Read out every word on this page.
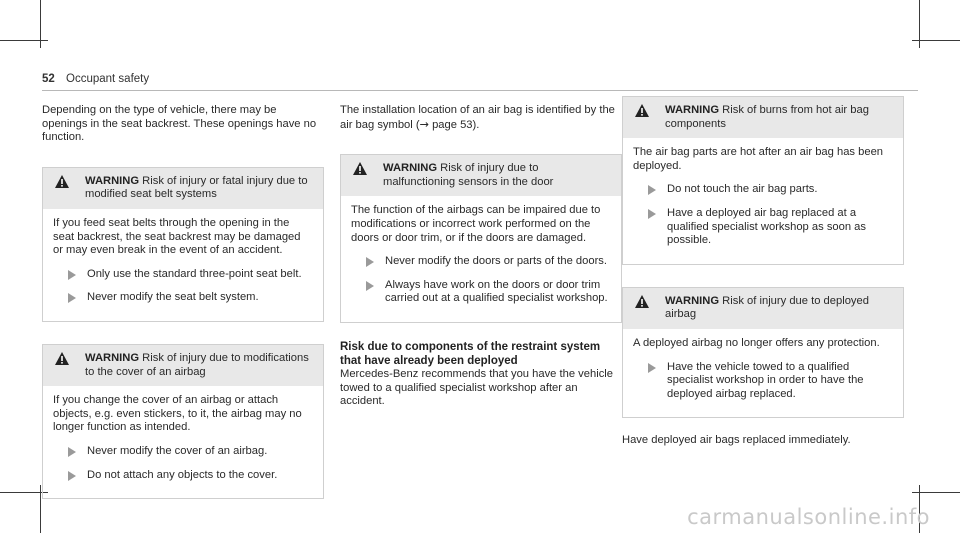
52 Occupant safety

Depending on the type of vehicle, there may be openings in the seat backrest. These openings have no function.

WARNING Risk of injury or fatal injury due to modified seat belt systems

If you feed seat belts through the opening in the seat backrest, the seat backrest may be damaged or may even break in the event of an accident.

Only use the standard three-point seat belt.
Never modify the seat belt system.
WARNING Risk of injury due to modifications to the cover of an airbag

If you change the cover of an airbag or attach objects, e.g. even stickers, to it, the airbag may no longer function as intended.

Never modify the cover of an airbag.
Do not attach any objects to the cover.

The installation location of an air bag is identified by the air bag symbol (→ page 53).

WARNING Risk of injury due to malfunctioning sensors in the door

The function of the airbags can be impaired due to modifications or incorrect work performed on the doors or door trim, or if the doors are damaged.

Never modify the doors or parts of the doors.
Always have work on the doors or door trim carried out at a qualified specialist workshop.
Risk due to components of the restraint system that have already been deployed

Mercedes-Benz recommends that you have the vehicle towed to a qualified specialist workshop after an accident.

WARNING Risk of burns from hot air bag components

The air bag parts are hot after an air bag has been deployed.

Do not touch the air bag parts.
Have a deployed air bag replaced at a qualified specialist workshop as soon as possible.
WARNING Risk of injury due to deployed airbag

A deployed airbag no longer offers any protection.

Have the vehicle towed to a qualified specialist workshop in order to have the deployed airbag replaced.

Have deployed air bags replaced immediately.

carmanualsonline.info
